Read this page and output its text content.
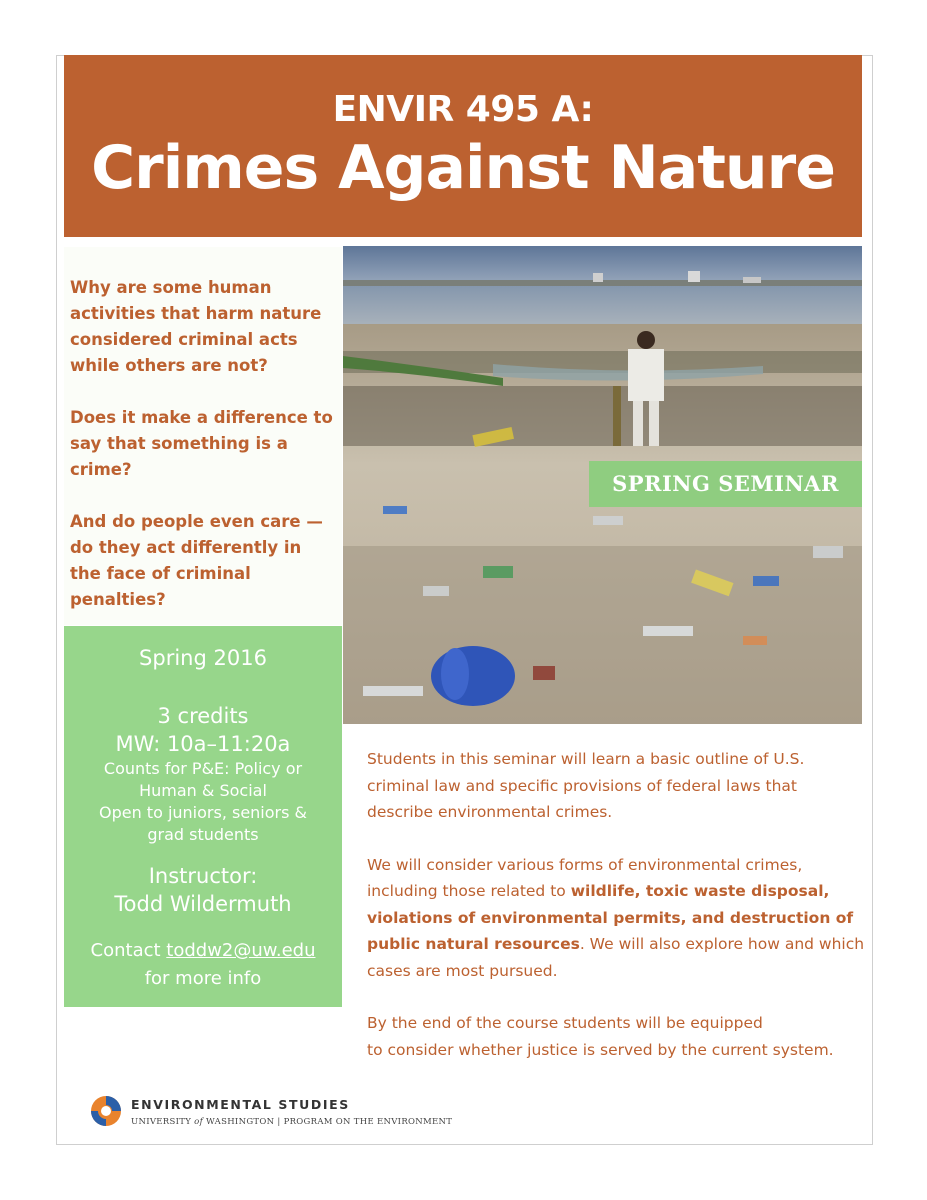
ENVIR 495 A:
Crimes Against Nature

Why are some human activities that harm nature considered criminal acts while others are not?

Does it make a difference to say that something is a crime?

And do people even care — do they act differently in the face of criminal penalties?

SPRING SEMINAR
Spring 2016
3 credits
MW: 10a–11:20a
Counts for P&E: Policy or
Human & Social
Open to juniors, seniors &
grad students
Instructor:
Todd Wildermuth
Contact toddw2@uw.edu
for more info

Students in this seminar will learn a basic outline of U.S. criminal law and specific provisions of federal laws that describe environmental crimes.

We will consider various forms of environmental crimes, including those related to wildlife, toxic waste disposal, violations of environmental permits, and destruction of public natural resources. We will also explore how and which cases are most pursued.

By the end of the course students will be equipped
to consider whether justice is served by the current system.

ENVIRONMENTAL STUDIES
UNIVERSITY of WASHINGTON | PROGRAM ON THE ENVIRONMENT
